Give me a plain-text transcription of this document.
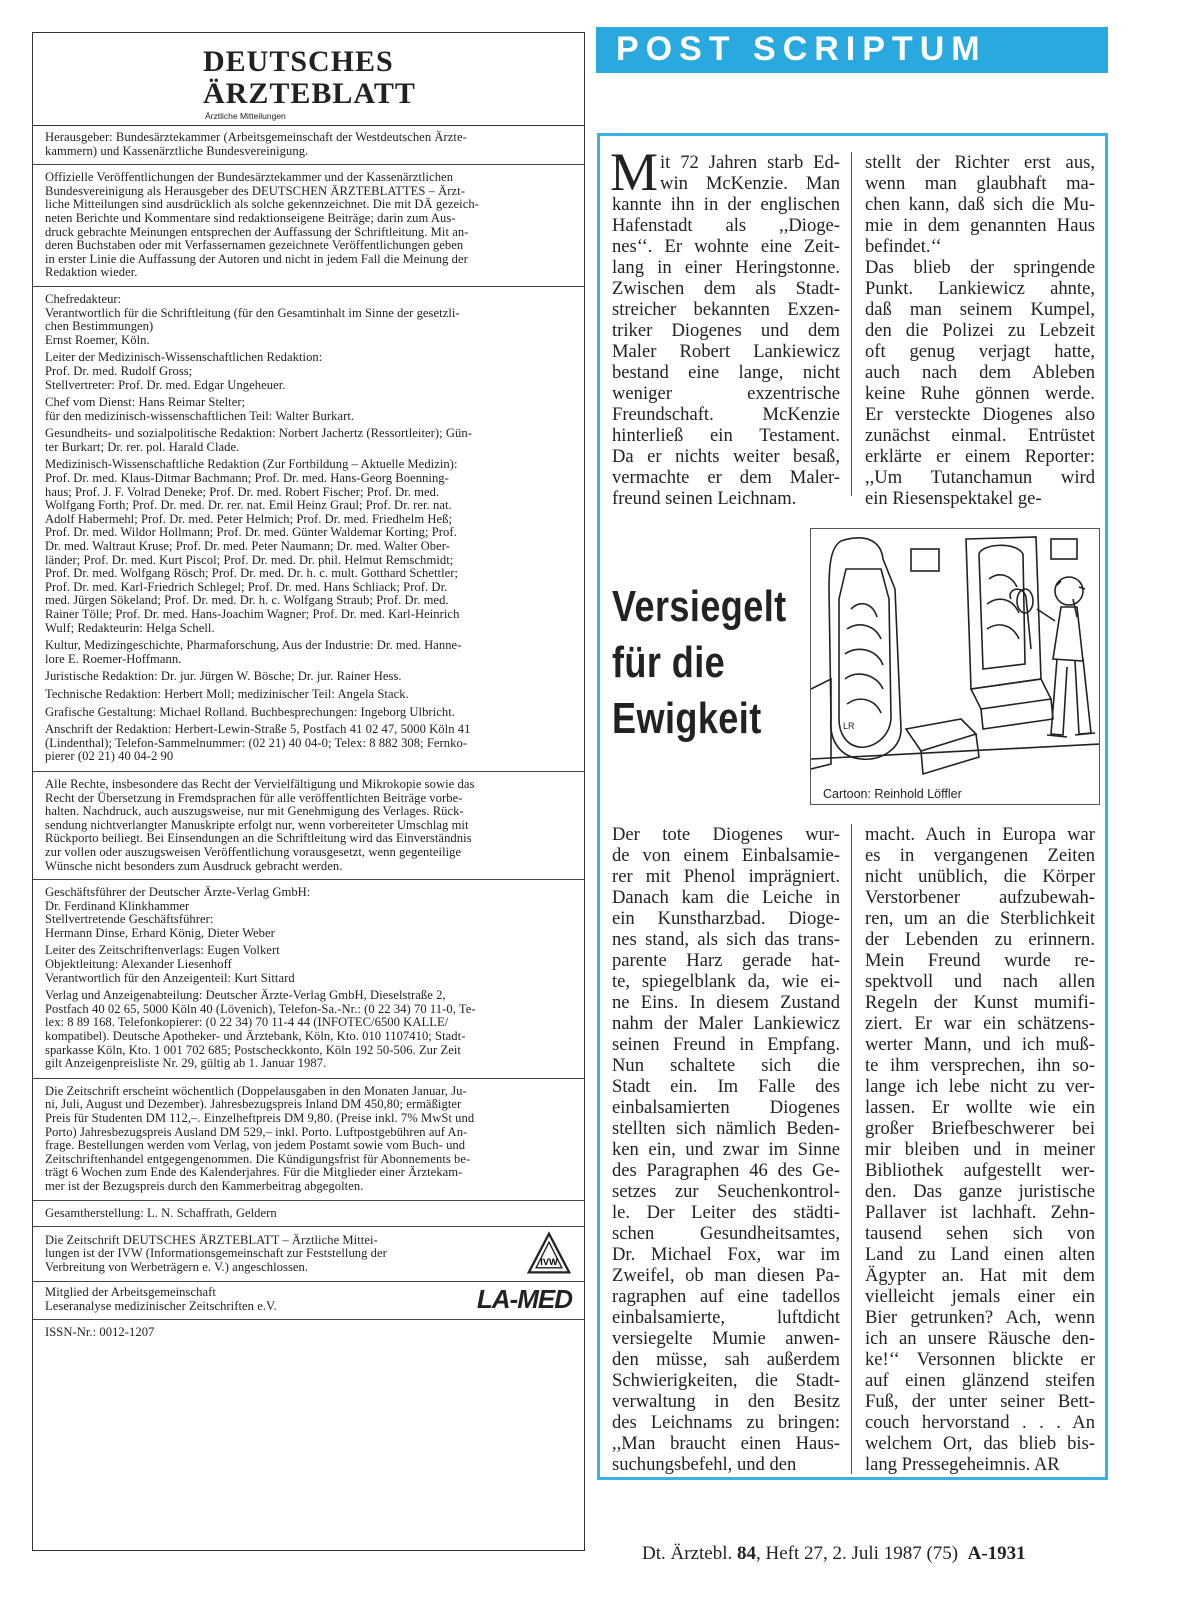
DEUTSCHES
ÄRZTEBLATT
Ärztliche Mitteilungen
Herausgeber: Bundesärztekammer (Arbeitsgemeinschaft der Westdeutschen Ärzte-
kammern) und Kassenärztliche Bundesvereinigung.
Offizielle Veröffentlichungen der Bundesärztekammer und der Kassenärztlichen
Bundesvereinigung als Herausgeber des DEUTSCHEN ÄRZTEBLATTES – Ärzt-
liche Mitteilungen sind ausdrücklich als solche gekennzeichnet. Die mit DÄ gezeich-
neten Berichte und Kommentare sind redaktionseigene Beiträge; darin zum Aus-
druck gebrachte Meinungen entsprechen der Auffassung der Schriftleitung. Mit an-
deren Buchstaben oder mit Verfassernamen gezeichnete Veröffentlichungen geben
in erster Linie die Auffassung der Autoren und nicht in jedem Fall die Meinung der
Redaktion wieder.

Chefredakteur:
Verantwortlich für die Schriftleitung (für den Gesamtinhalt im Sinne der gesetzli-
chen Bestimmungen)
Ernst Roemer, Köln.

Leiter der Medizinisch-Wissenschaftlichen Redaktion:
Prof. Dr. med. Rudolf Gross;
Stellvertreter: Prof. Dr. med. Edgar Ungeheuer.

Chef vom Dienst: Hans Reimar Stelter;
für den medizinisch-wissenschaftlichen Teil: Walter Burkart.

Gesundheits- und sozialpolitische Redaktion: Norbert Jachertz (Ressortleiter); Gün-
ter Burkart; Dr. rer. pol. Harald Clade.

Medizinisch-Wissenschaftliche Redaktion (Zur Fortbildung – Aktuelle Medizin):
Prof. Dr. med. Klaus-Ditmar Bachmann; Prof. Dr. med. Hans-Georg Boenning-
haus; Prof. J. F. Volrad Deneke; Prof. Dr. med. Robert Fischer; Prof. Dr. med.
Wolfgang Forth; Prof. Dr. med. Dr. rer. nat. Emil Heinz Graul; Prof. Dr. rer. nat.
Adolf Habermehl; Prof. Dr. med. Peter Helmich; Prof. Dr. med. Friedhelm Heß;
Prof. Dr. med. Wildor Hollmann; Prof. Dr. med. Günter Waldemar Korting; Prof.
Dr. med. Waltraut Kruse; Prof. Dr. med. Peter Naumann; Dr. med. Walter Ober-
länder; Prof. Dr. med. Kurt Piscol; Prof. Dr. med. Dr. phil. Helmut Remschmidt;
Prof. Dr. med. Wolfgang Rösch; Prof. Dr. med. Dr. h. c. mult. Gotthard Schettler;
Prof. Dr. med. Karl-Friedrich Schlegel; Prof. Dr. med. Hans Schliack; Prof. Dr.
med. Jürgen Sökeland; Prof. Dr. med. Dr. h. c. Wolfgang Straub; Prof. Dr. med.
Rainer Tölle; Prof. Dr. med. Hans-Joachim Wagner; Prof. Dr. med. Karl-Heinrich
Wulf; Redakteurin: Helga Schell.

Kultur, Medizingeschichte, Pharmaforschung, Aus der Industrie: Dr. med. Hanne-
lore E. Roemer-Hoffmann.

Juristische Redaktion: Dr. jur. Jürgen W. Bösche; Dr. jur. Rainer Hess.

Technische Redaktion: Herbert Moll; medizinischer Teil: Angela Stack.

Grafische Gestaltung: Michael Rolland. Buchbesprechungen: Ingeborg Ulbricht.

Anschrift der Redaktion: Herbert-Lewin-Straße 5, Postfach 41 02 47, 5000 Köln 41
(Lindenthal); Telefon-Sammelnummer: (02 21) 40 04-0; Telex: 8 882 308; Fernko-
pierer (02 21) 40 04-2 90

Alle Rechte, insbesondere das Recht der Vervielfältigung und Mikrokopie sowie das
Recht der Übersetzung in Fremdsprachen für alle veröffentlichten Beiträge vorbe-
halten. Nachdruck, auch auszugsweise, nur mit Genehmigung des Verlages. Rück-
sendung nichtverlangter Manuskripte erfolgt nur, wenn vorbereiteter Umschlag mit
Rückporto beiliegt. Bei Einsendungen an die Schriftleitung wird das Einverständnis
zur vollen oder auszugsweisen Veröffentlichung vorausgesetzt, wenn gegenteilige
Wünsche nicht besonders zum Ausdruck gebracht werden.

Geschäftsführer der Deutscher Ärzte-Verlag GmbH:
Dr. Ferdinand Klinkhammer
Stellvertretende Geschäftsführer:
Hermann Dinse, Erhard König, Dieter Weber

Leiter des Zeitschriftenverlags: Eugen Volkert
Objektleitung: Alexander Liesenhoff
Verantwortlich für den Anzeigenteil: Kurt Sittard

Verlag und Anzeigenabteilung: Deutscher Ärzte-Verlag GmbH, Dieselstraße 2,
Postfach 40 02 65, 5000 Köln 40 (Lövenich), Telefon-Sa.-Nr.: (0 22 34) 70 11-0, Te-
lex: 8 89 168. Telefonkopierer: (0 22 34) 70 11-4 44 (INFOTEC/6500 KALLE/
kompatibel). Deutsche Apotheker- und Ärztebank, Köln, Kto. 010 1107410; Stadt-
sparkasse Köln, Kto. 1 001 702 685; Postscheckkonto, Köln 192 50-506. Zur Zeit
gilt Anzeigenpreisliste Nr. 29, gültig ab 1. Januar 1987.

Die Zeitschrift erscheint wöchentlich (Doppelausgaben in den Monaten Januar, Ju-
ni, Juli, August und Dezember). Jahresbezugspreis Inland DM 450,80; ermäßigter
Preis für Studenten DM 112,–. Einzelheftpreis DM 9,80. (Preise inkl. 7% MwSt und
Porto) Jahresbezugspreis Ausland DM 529,– inkl. Porto. Luftpostgebühren auf An-
frage. Bestellungen werden vom Verlag, von jedem Postamt sowie vom Buch- und
Zeitschriftenhandel entgegengenommen. Die Kündigungsfrist für Abonnements be-
trägt 6 Wochen zum Ende des Kalenderjahres. Für die Mitglieder einer Ärztekam-
mer ist der Bezugspreis durch den Kammerbeitrag abgegolten.
Gesamtherstellung: L. N. Schaffrath, Geldern
Die Zeitschrift DEUTSCHES ÄRZTEBLATT – Ärztliche Mittei-
lungen ist der IVW (Informationsgemeinschaft zur Feststellung der
Verbreitung von Werbeträgern e. V.) angeschlossen.	IVW
Mitglied der Arbeitsgemeinschaft
Leseranalyse medizinischer Zeitschriften e.V.	LA-MED
ISSN-Nr.: 0012-1207
POST SCRIPTUM
M it 72 Jahren starb Ed-
win McKenzie. Man
kannte ihn in der englischen
Hafenstadt als ,,Dioge-
nes‘‘. Er wohnte eine Zeit-
lang in einer Heringstonne.
Zwischen dem als Stadt-
streicher bekannten Exzen-
triker Diogenes und dem
Maler Robert Lankiewicz
bestand eine lange, nicht
weniger exzentrische
Freundschaft. McKenzie
hinterließ ein Testament.
Da er nichts weiter besaß,
vermachte er dem Maler-
freund seinen Leichnam.
stellt der Richter erst aus,
wenn man glaubhaft ma-
chen kann, daß sich die Mu-
mie in dem genannten Haus
befindet.‘‘
Das blieb der springende
Punkt. Lankiewicz ahnte,
daß man seinem Kumpel,
den die Polizei zu Lebzeit
oft genug verjagt hatte,
auch nach dem Ableben
keine Ruhe gönnen werde.
Er versteckte Diogenes also
zunächst einmal. Entrüstet
erklärte er einem Reporter:
,,Um Tutanchamun wird
ein Riesenspektakel ge-
Versiegelt
für die
Ewigkeit	LR
Cartoon: Reinhold Löffler
Der tote Diogenes wur-
de von einem Einbalsamie-
rer mit Phenol imprägniert.
Danach kam die Leiche in
ein Kunstharzbad. Dioge-
nes stand, als sich das trans-
parente Harz gerade hat-
te, spiegelblank da, wie ei-
ne Eins. In diesem Zustand
nahm der Maler Lankiewicz
seinen Freund in Empfang.
Nun schaltete sich die
Stadt ein. Im Falle des
einbalsamierten Diogenes
stellten sich nämlich Beden-
ken ein, und zwar im Sinne
des Paragraphen 46 des Ge-
setzes zur Seuchenkontrol-
le. Der Leiter des städti-
schen Gesundheitsamtes,
Dr. Michael Fox, war im
Zweifel, ob man diesen Pa-
ragraphen auf eine tadellos
einbalsamierte, luftdicht
versiegelte Mumie anwen-
den müsse, sah außerdem
Schwierigkeiten, die Stadt-
verwaltung in den Besitz
des Leichnams zu bringen:
,,Man braucht einen Haus-
suchungsbefehl, und den
macht. Auch in Europa war
es in vergangenen Zeiten
nicht unüblich, die Körper
Verstorbener aufzubewah-
ren, um an die Sterblichkeit
der Lebenden zu erinnern.
Mein Freund wurde re-
spektvoll und nach allen
Regeln der Kunst mumifi-
ziert. Er war ein schätzens-
werter Mann, und ich muß-
te ihm versprechen, ihn so-
lange ich lebe nicht zu ver-
lassen. Er wollte wie ein
großer Briefbeschwerer bei
mir bleiben und in meiner
Bibliothek aufgestellt wer-
den. Das ganze juristische
Pallaver ist lachhaft. Zehn-
tausend sehen sich von
Land zu Land einen alten
Ägypter an. Hat mit dem
vielleicht jemals einer ein
Bier getrunken? Ach, wenn
ich an unsere Räusche den-
ke!‘‘ Versonnen blickte er
auf einen glänzend steifen
Fuß, der unter seiner Bett-
couch hervorstand . . . An
welchem Ort, das blieb bis-
lang Pressegeheimnis. AR
Dt. Ärztebl. 84, Heft 27, 2. Juli 1987 (75) A-1931
